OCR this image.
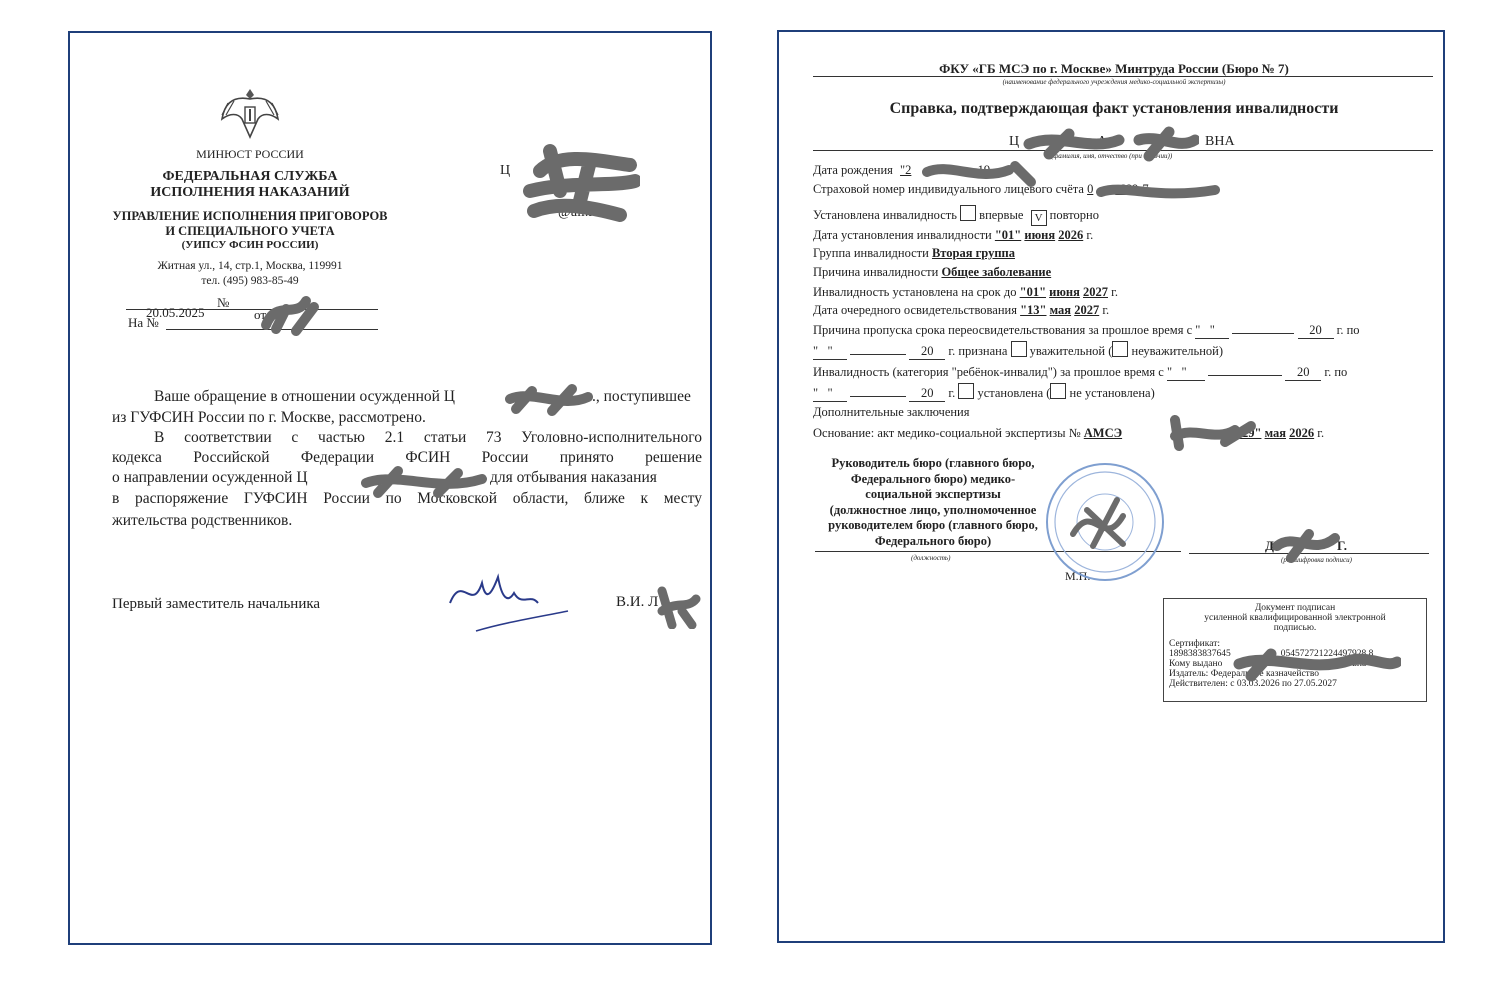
МИНЮСТ РОССИИ
ФЕДЕРАЛЬНАЯ СЛУЖБА
ИСПОЛНЕНИЯ НАКАЗАНИЙ
УПРАВЛЕНИЕ ИСПОЛНЕНИЯ ПРИГОВОРОВ
И СПЕЦИАЛЬНОГО УЧЕТА
(УИПСУ ФСИН РОССИИ)
Житная ул., 14, стр.1, Москва, 119991
тел. (495) 983-85-49
20.05.2025
№
На №
от
Ц
@ail.ru
Ваше обращение в отношении осужденной Ц	., поступившее
из ГУФСИН России по г. Москве, рассмотрено.
В соответствии с частью 2.1 статьи 73 Уголовно-исполнительного
кодекса Российской Федерации ФСИН России принято решение
о направлении осужденной Ц	для отбывания наказания
в распоряжение ГУФСИН России по Московской области, ближе к месту
жительства родственников.
Первый заместитель начальника	В.И. Л
ФКУ «ГБ МСЭ по г. Москве» Минтруда России (Бюро № 7)
(наименование федерального учреждения медико-социальной экспертизы)
Справка, подтверждающая факт установления инвалидности
Ц	А	ВНА
(фамилия, имя, отчество (при наличии))
Дата рождения "2	19
Страховой номер индивидуального лицевого счёта 0 -689-7
Установлена инвалидность впервые V повторно
Дата установления инвалидности "01" июня 2026 г.
Группа инвалидности Вторая группа
Причина инвалидности Общее заболевание
Инвалидность установлена на срок до "01" июня 2027 г.
Дата очередного освидетельствования "13" мая 2027 г.
Причина пропуска срока переосвидетельствования за прошлое время с " "	20 г. по
" "	20 г. признана уважительной ( неуважительной)
Инвалидность (категория "ребёнок-инвалид") за прошлое время с " "	20 г. по
" "	20 г. установлена ( не установлена)
Дополнительные заключения
Основание: акт медико-социальной экспертизы № АМСЭ	от "29" мая 2026 г.
Руководитель бюро (главного бюро,
Федерального бюро) медико-
социальной экспертизы
(должностное лицо, уполномоченное
руководителем бюро (главного бюро,
Федерального бюро)
(должность)	(расшифровка подписи)
Д	Г.
М.П.
Документ подписан
усиленной квалифицированной электронной
подписью.
Сертификат:
1898383837645	054572721224497928 8
Кому выдано	вна
Издатель: Федеральное казначейство
Действителен: с 03.03.2026 по 27.05.2027
